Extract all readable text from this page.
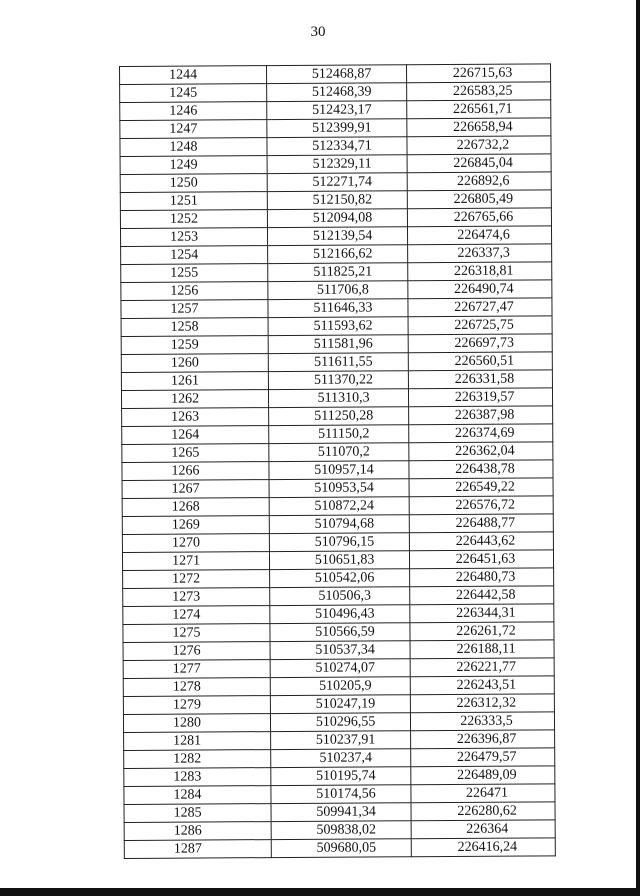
30
1244	512468,87	226715,63
1245	512468,39	226583,25
1246	512423,17	226561,71
1247	512399,91	226658,94
1248	512334,71	226732,2
1249	512329,11	226845,04
1250	512271,74	226892,6
1251	512150,82	226805,49
1252	512094,08	226765,66
1253	512139,54	226474,6
1254	512166,62	226337,3
1255	511825,21	226318,81
1256	511706,8	226490,74
1257	511646,33	226727,47
1258	511593,62	226725,75
1259	511581,96	226697,73
1260	511611,55	226560,51
1261	511370,22	226331,58
1262	511310,3	226319,57
1263	511250,28	226387,98
1264	511150,2	226374,69
1265	511070,2	226362,04
1266	510957,14	226438,78
1267	510953,54	226549,22
1268	510872,24	226576,72
1269	510794,68	226488,77
1270	510796,15	226443,62
1271	510651,83	226451,63
1272	510542,06	226480,73
1273	510506,3	226442,58
1274	510496,43	226344,31
1275	510566,59	226261,72
1276	510537,34	226188,11
1277	510274,07	226221,77
1278	510205,9	226243,51
1279	510247,19	226312,32
1280	510296,55	226333,5
1281	510237,91	226396,87
1282	510237,4	226479,57
1283	510195,74	226489,09
1284	510174,56	226471
1285	509941,34	226280,62
1286	509838,02	226364
1287	509680,05	226416,24
